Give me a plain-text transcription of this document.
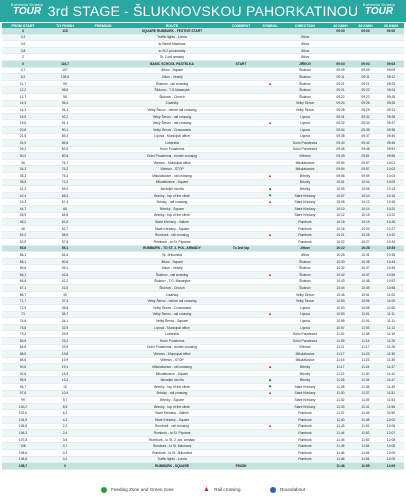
Bohemia Sudety
TOUR 3rd STAGE - ŠLUKNOVSKOU PAHORKATINOU	Bohemia Sudety
TOUR
FROM START	TO FINISH	PREMIUM	ROUTE	COMMENT	SYMBOL	DIRECTION	40 KM/H	38 KM/H	35 KM/H
0	115		SQUARE RUMBURK - FESTIVE START				09:00	09:00	09:00
0,2			Traffic lights - Lovria			Jiřkov			
0,6			to Street Máchova			Jiřkov			
0,8			to St.2.pol.armády			Jiřkov			
2			St. 2.pol.armády			Jiřkov			
0	116,7		BASIC SCHOOL PASTELKA	START		JIŘKOV	09:03	09:03	09:03
3,7	107		Jiřkov - Square			Šluknov	09:09	09:09	09:09
5,2	105,5		Jiřkov - Veselý			Šluknov	09:11	09:11	09:12
11,7	99		Šluknov - rail crossing		▲	Šluknov	09:21	09:21	09:23
12,2	98,5		Šluknov - T.G.Masaryka			Šluknov	09:21	09:22	09:24
12,7	98		Šluknov - Church			Šluknov	09:22	09:23	09:25
14,3	96,4		Císařský			Velký Šenov	09:24	09:26	09:28
16,3	94,4		Velký Šenov - before rail crossing			Velký Šenov	09:28	09:29	09:31
18,5	92,2		Velký Šenov - rail crossing			Lipová	09:31	09:32	09:35
19,6	91,1		Velký Šenov - rail crossing		▲	Lipová	09:32	09:33	09:37
20,6	90,1		Velký Šenov - Crossroads			Lipová	09:34	09:35	09:38
21,5	89,2		Lipová - Municipal office			Lipová	09:35	09:37	09:40
24,9	85,8		Loberská			Dolní Poustevna	09:40	09:42	09:45
26,2	82,5		Horní Poustevna			Dolní Poustevna	09:45	09:46	09:51
30,2	80,5		Dolní Poustevna - border crossing			Vilémov	09:49	09:51	09:55
36	76,7		Vilémov - Municipal office			Mikulášovice	09:54	09:57	10:01
34,3	76,2		Vilémov - STOP			Mikulášovice	09:54	09:57	10:02
35,3	75,4		Mikulášovice - rail crossing		▲	Brtníky	09:56	09:59	10:04
38,5	72,2		Mikulášovice - Square			Brtníky	10:01	10:04	10:09
41,3	69,4		Akvarijní ciuvřla		⚑	Brtníky	10:05	10:08	10:13
42,4	68,3		Brtníky - top of the climb		⚑	Staré Křečany	10:07	10:10	10:16
43,3	67,4		Brtníky - rail crossing		▲	Staré Křečany	10:08	10:12	10:18
44,7	66		Brtníky - Square			Staré Křečany	10:10	10:14	10:20
45,9	64,8		Brtníky - top of the climb			Staré Křečany	10:12	10:15	10:22
48,2	62,5		Staré Křečany - Valbeň			Rumburk	10:15	10:19	10:26
48	62,7		Staré Křečany - Square			Rumburk	10:16	10:20	10:27
52,2	58,5		Rumburk - rail crossing		▲	Rumburk	10:21	10:25	10:32
52,9	57,8		Rumburk - to St. Plynárni			Rumburk	10:22	10:27	10:34
53,6	55,1		RUMBURK - TO ST. 2. POL. ARMÁDY	To 2nd lap		Jiřkov	10:22	10:28	10:35
56,1	54,6		St. Jiříkovská			Jiřkov	10:25	10:31	10:39
58,1	50,6		Jiřkov - Square			Šluknov	10:30	10:35	10:43
59,6	49,1		Jiřkov - Veselý			Šluknov	10:32	10:37	10:45
66,1	42,6		Šluknov - rail crossing		▲	Šluknov	10:42	10:47	10:56
66,5	42,2		Šluknov - T.G. Masaryka			Šluknov	10:43	10:48	10:57
67,1	41,6		Šluknov - Church			Šluknov	10:44	10:49	10:58
68,7	40		Císařský			Velký Šenov	10:46	10:51	11:00
71,7	37,4		Velký Šenov - before rail crossing			Velký Šenov	10:50	10:55	11:05
72,9	35,8		Velký Šenov - Crossroads			Lipová	10:53	10:58	11:08
73	35,7		Velký Šenov - rail crossing		▲	Lipová	10:53	11:01	11:11
74,6	34,1		Velký Šenov - Square			Lipová	10:55	11:01	11:11
75,8	32,9		Lipová - Municipal office			Lipová	10:57	11:03	11:13
79,2	29,5		Loberská			Dolní Poustevna	11:02	11:08	11:19
83,5	25,2		Horní Poustevna			Dolní Poustevna	11:09	11:15	11:26
84,8	23,9		Dolní Poustevna - border crossing			Vilémov	11:11	11:17	11:28
88,9	19,8		Vilémov - Municipal office			Mikulášovice	11:17	11:23	11:35
88,6	19,9		Vilémov - STOP			Mikulášovice	11:16	11:23	11:35
90,6	19,1		Mikulášovice - rail crossing		▲	Brtníky	11:17	11:24	11:37
92,8	15,9		Mikulášovice - Square			Brtníky	11:22	11:30	11:42
95,5	13,2		Akvarijní ciuvřla		⚑	Brtníky	11:26	11:34	11:47
96,7	12		Brtníky - top of the climb		⚑	Staré Křečany	11:28	11:36	11:49
97,8	10,9		Brtníky - rail crossing		▲	Staré Křečany	11:30	11:37	11:51
99	9,7		Brtníky - Square			Staré Křečany	11:32	11:39	11:53
100,2	8,5		Brtníky - top of the climb			Staré Křečany	11:33	11:41	11:55
102,5	6,2		Staré Křečany - Valbeň			Rumburk	11:37	11:45	11:59
104,5	4,2		Staré Křečany - Square			Rumburk	11:40	11:48	12:02
106,5	2,2		Rumburk - rail crossing		▲	Rumburk	11:43	11:51	12:06
106,3	2,4		Rumburk - to St. Plynárni			Rumburk	11:44	11:52	12:07
107,8	0,8		Rumburk - to St. 2. pol. armády			Rumburk	11:45	11:53	12:08
108	0,7		Rumburk - to St. Máchova			Rumburk	11:45	11:54	12:08
108,6	0,3		Rumburk - to St. Jiříkovská			Rumburk	11:46	11:54	12:09
108,5	0,2		Traffic lights - Lovria			Rumburk	11:46	11:54	12:09
108,7	0		RUMBURK - SQUARE	FINISH			11:46	11:55	12:09
Feeding Zone and Green zone	▲ Rail crossing	Roundabout
